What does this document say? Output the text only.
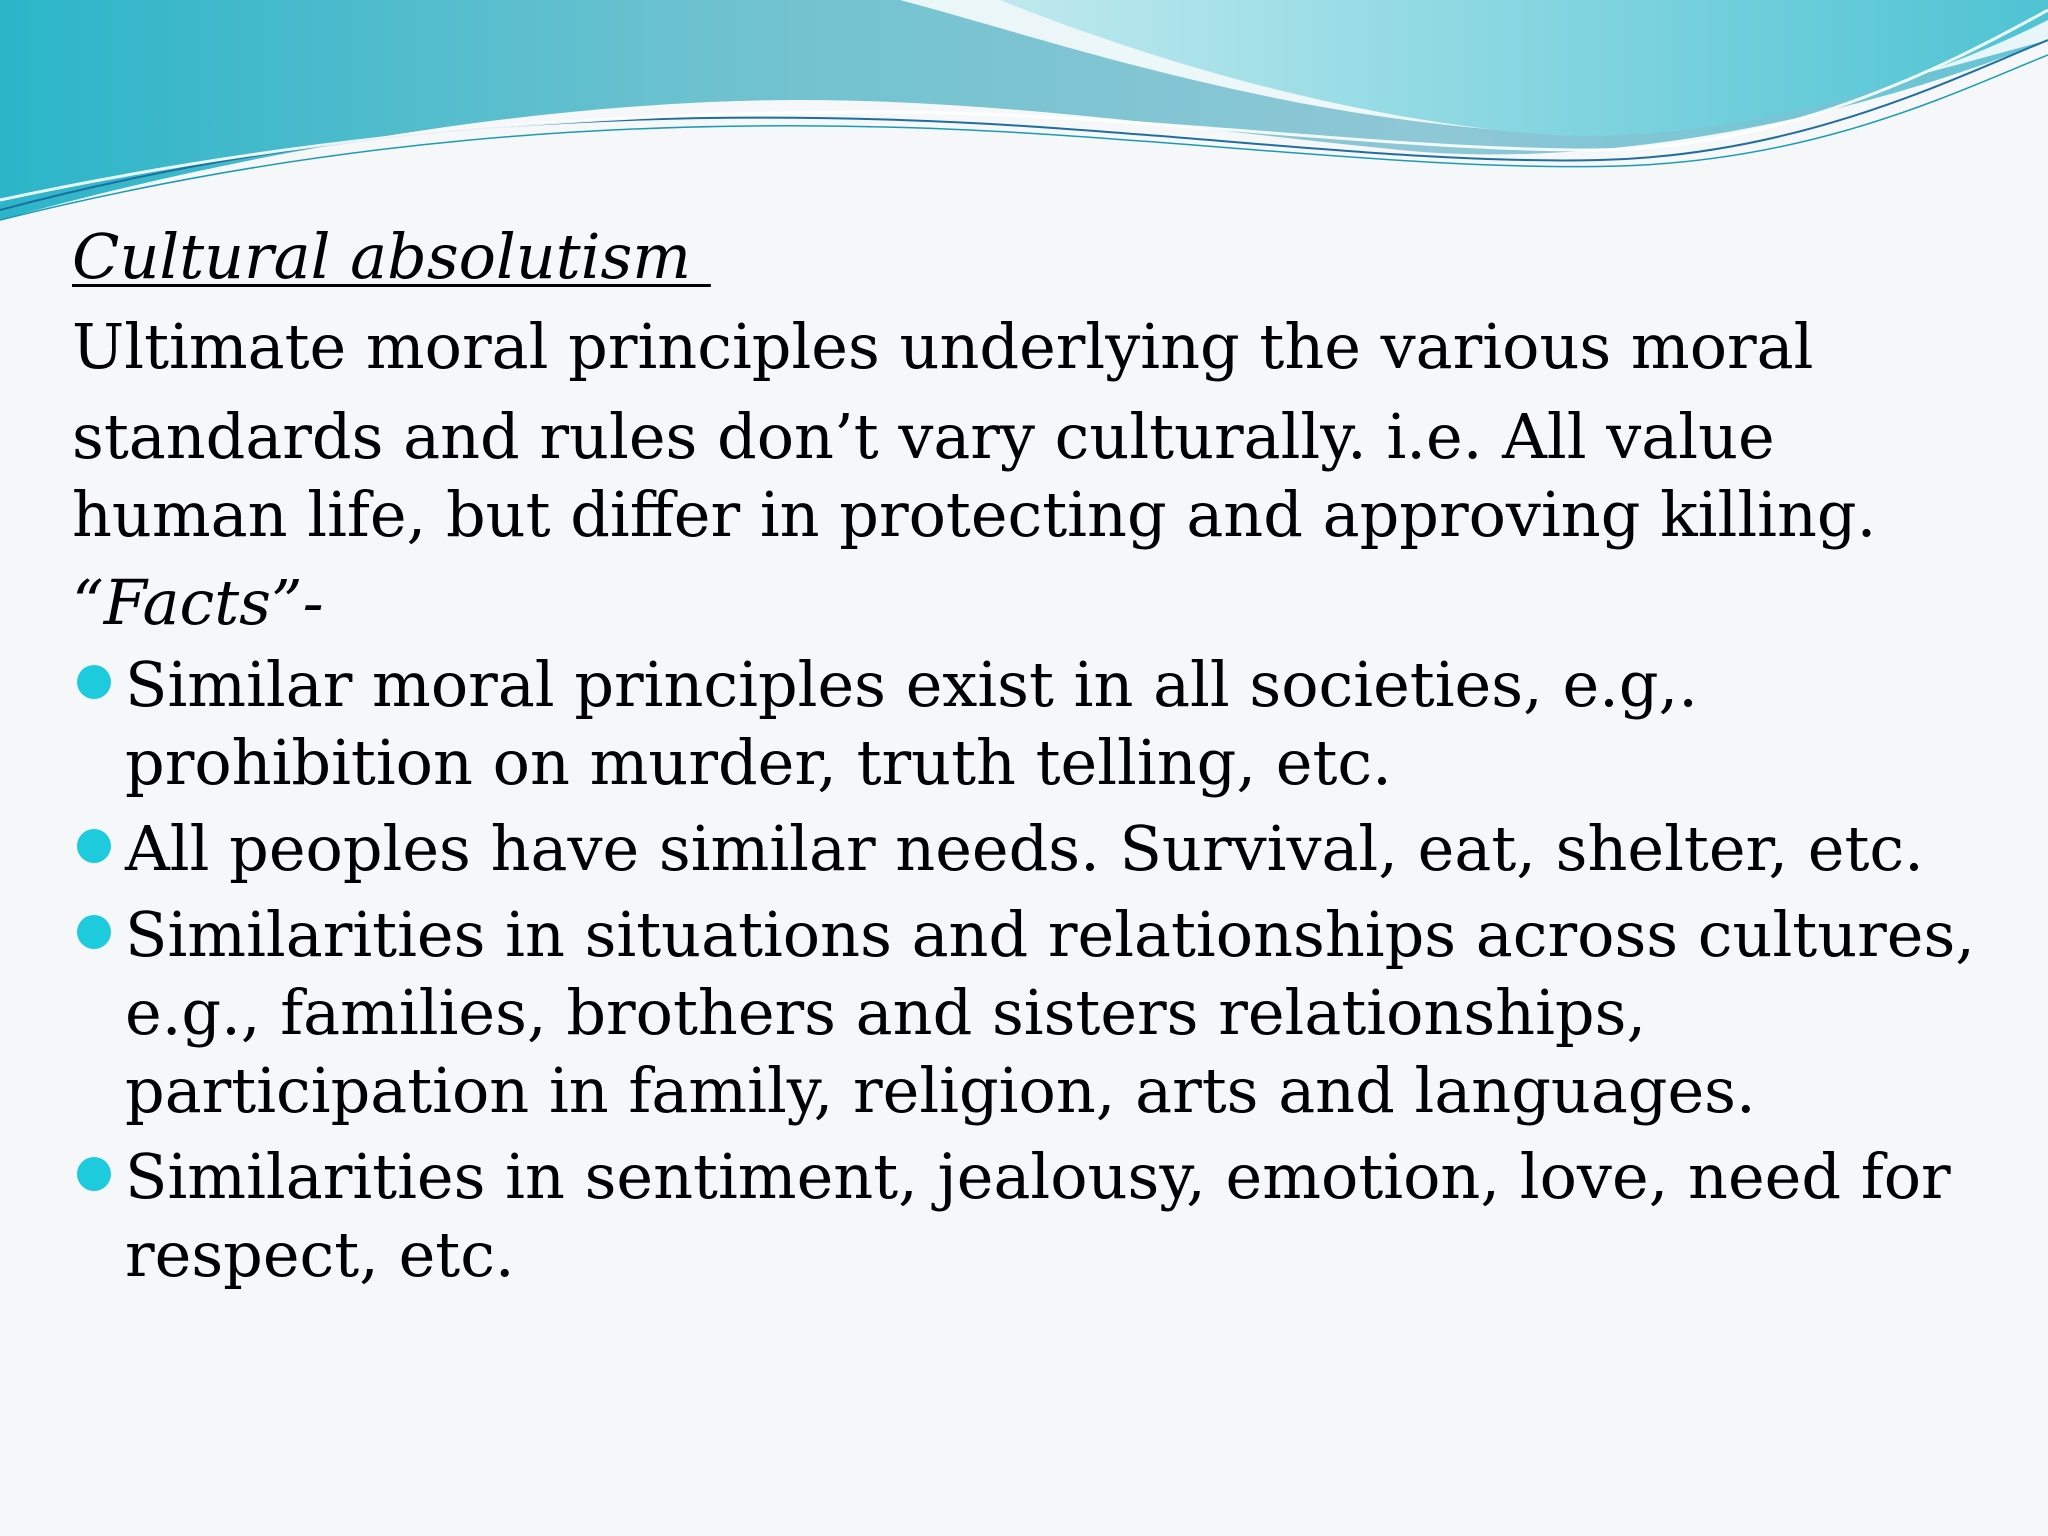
Cultural absolutism
Ultimate moral principles underlying the various moral
standards and rules don’t vary culturally. i.e. All value
human life, but differ in protecting and approving killing.
“Facts”-
Similar moral principles exist in all societies, e.g,. prohibition on murder, truth telling, etc.
All peoples have similar needs. Survival, eat, shelter, etc.
Similarities in situations and relationships across cultures, e.g., families, brothers and sisters relationships, participation in family, religion, arts and languages.
Similarities in sentiment, jealousy, emotion, love, need for respect, etc.
